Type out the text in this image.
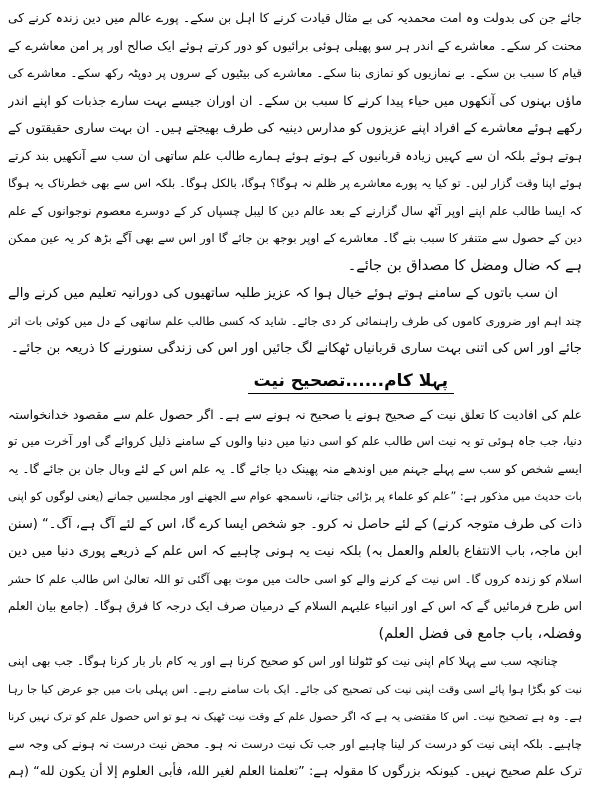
جائے جن کی بدولت وہ امت محمدیہ کی بے مثال قیادت کرنے کا اہل بن سکے۔ پورے عالم میں دین زندہ کرنے کی
محنت کر سکے۔ معاشرے کے اندر ہر سو پھیلی ہوئی برائیوں کو دور کرتے ہوئے ایک صالح اور پر امن معاشرے کے
قیام کا سبب بن سکے۔ بے نمازیوں کو نمازی بنا سکے۔ معاشرے کی بیٹیوں کے سروں پر دوپٹہ رکھ سکے۔ معاشرے کی
ماؤں بہنوں کی آنکھوں میں حیاء پیدا کرنے کا سبب بن سکے۔ ان اوران جیسے بہت سارے جذبات کو اپنے اندر
رکھے ہوئے معاشرے کے افراد اپنے عزیزوں کو مدارس دینیہ کی طرف بھیجتے ہیں۔ ان بہت ساری حقیقتوں کے
ہوتے ہوئے بلکہ ان سے کہیں زیادہ قربانیوں کے ہوتے ہوئے ہمارے طالب علم ساتھی ان سب سے آنکھیں بند کرتے
ہوئے اپنا وقت گزار لیں۔ تو کیا یہ پورے معاشرے پر ظلم نہ ہوگا؟ ہوگا، بالکل ہوگا۔ بلکہ اس سے بھی خطرناک یہ ہوگا
کہ ایسا طالب علم اپنے اوپر آٹھ سال گزارنے کے بعد عالم دین کا لیبل چسپاں کر کے دوسرے معصوم نوجوانوں کے علم
دین کے حصول سے متنفر کا سبب بنے گا۔ معاشرے کے اوپر بوجھ بن جائے گا اور اس سے بھی آگے بڑھ کر یہ عین ممکن
ہے کہ ضال ومضل کا مصداق بن جائے۔
ان سب باتوں کے سامنے ہوتے ہوئے خیال ہوا کہ عزیز طلبہ ساتھیوں کی دورانیہ تعلیم میں کرنے والے
چند اہم اور ضروری کاموں کی طرف راہنمائی کر دی جائے۔ شاید کہ کسی طالب علم ساتھی کے دل میں کوئی بات اتر
جائے اور اس کی اتنی بہت ساری قربانیاں ٹھکانے لگ جائیں اور اس کی زندگی سنورنے کا ذریعہ بن جائے۔
پہلا کام......تصحیح نیت
علم کی افادیت کا تعلق نیت کے صحیح ہونے یا صحیح نہ ہونے سے ہے۔ اگر حصول علم سے مقصود خدانخواستہ
دنیا، جب جاہ ہوئی تو یہ نیت اس طالب علم کو اسی دنیا میں دنیا والوں کے سامنے ذلیل کروائے گی اور آخرت میں تو
ایسے شخص کو سب سے پہلے جہنم میں اوندھے منہ پھینک دیا جائے گا۔ یہ علم اس کے لئے وبال جان بن جائے گا۔ یہ
بات حدیث میں مذکور ہے: ”علم کو علماء پر بڑائی جتانے، ناسمجھ عوام سے الجھنے اور مجلسیں جمانے (یعنی لوگوں کو اپنی
ذات کی طرف متوجہ کرنے) کے لئے حاصل نہ کرو۔ جو شخص ایسا کرے گا، اس کے لئے آگ ہے، آگ۔“ (سنن
ابن ماجہ، باب الانتفاع بالعلم والعمل بہ) بلکہ نیت یہ ہونی چاہیے کہ اس علم کے ذریعے پوری دنیا میں دین
اسلام کو زندہ کروں گا۔ اس نیت کے کرنے والے کو اسی حالت میں موت بھی آگئی تو اللہ تعالیٰ اس طالب علم کا حشر
اس طرح فرمائیں گے کہ اس کے اور انبیاء علیہم السلام کے درمیان صرف ایک درجہ کا فرق ہوگا۔ (جامع بیان العلم
وفضلہ، باب جامع فی فضل العلم)
چنانچہ سب سے پہلا کام اپنی نیت کو ٹٹولنا اور اس کو صحیح کرنا ہے اور یہ کام بار بار کرنا ہوگا۔ جب بھی اپنی
نیت کو بگڑا ہوا پائے اسی وقت اپنی نیت کی تصحیح کی جائے۔ ایک بات سامنے رہے۔ اس پہلی بات میں جو عرض کیا جا رہا
ہے۔ وہ ہے تصحیح نیت۔ اس کا مقتضی یہ ہے کہ اگر حصول علم کے وقت نیت ٹھیک نہ ہو تو اس حصول علم کو ترک نہیں کرنا
چاہیے۔ بلکہ اپنی نیت کو درست کر لینا چاہیے اور جب تک نیت درست نہ ہو۔ محض نیت درست نہ ہونے کی وجہ سے
ترک علم صحیح نہیں۔ کیونکہ بزرگوں کا مقولہ ہے: ”تعلمنا العلم لغير الله، فأبى العلوم إلا أن يكون لله“ (ہم
